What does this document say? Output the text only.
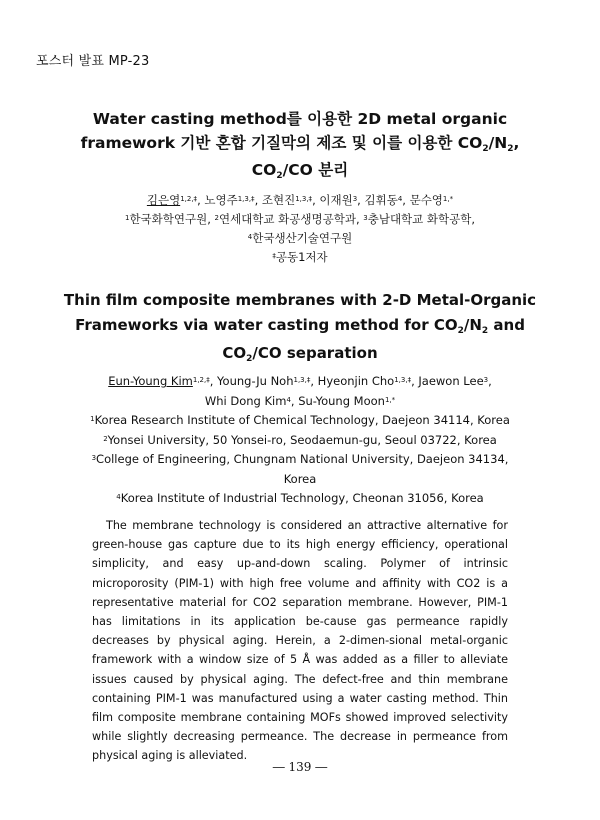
포스터 발표 MP-23
Water casting method를 이용한 2D metal organic
framework 기반 혼합 기질막의 제조 및 이를 이용한 $CO_2/N_2$,
$CO_2/CO$ 분리
김은영$^{1,2,\ddagger}$, 노영주$^{1,3,\ddagger}$, 조현진$^{1,3,\ddagger}$, 이재원$^3$, 김휘동$^4$, 문수영$^{1,*}$
$^1$한국화학연구원, $^2$연세대학교 화공생명공학과, $^3$충남대학교 화학공학,
$^4$한국생산기술연구원
‡공동1저자
Thin film composite membranes with 2-D Metal-Organic
Frameworks via water casting method for $CO_2/N_2$ and
$CO_2/CO$ separation
Eun-Young Kim$^{1,2,\ddagger}$, Young-Ju Noh$^{1,3,\ddagger}$, Hyeonjin Cho$^{1,3,\ddagger}$, Jaewon Lee$^3$,
Whi Dong Kim$^4$, Su-Young Moon$^{1,*}$
$^1$Korea Research Institute of Chemical Technology, Daejeon 34114, Korea
$^2$Yonsei University, 50 Yonsei-ro, Seodaemun-gu, Seoul 03722, Korea
$^3$College of Engineering, Chungnam National University, Daejeon 34134,
Korea
$^4$Korea Institute of Industrial Technology, Cheonan 31056, Korea
The membrane technology is considered an attractive alternative for green-house gas capture due to its high energy efficiency, operational simplicity, and easy up-and-down scaling. Polymer of intrinsic microporosity (PIM-1) with high free volume and affinity with CO2 is a representative material for CO2 separation membrane. However, PIM-1 has limitations in its application be-cause gas permeance rapidly decreases by physical aging. Herein, a 2-dimen-sional metal-organic framework with a window size of 5 Å was added as a filler to alleviate issues caused by physical aging. The defect-free and thin membrane containing PIM-1 was manufactured using a water casting method. Thin film composite membrane containing MOFs showed improved selectivity while slightly decreasing permeance. The decrease in permeance from physical aging is alleviated.
― 139 ―
